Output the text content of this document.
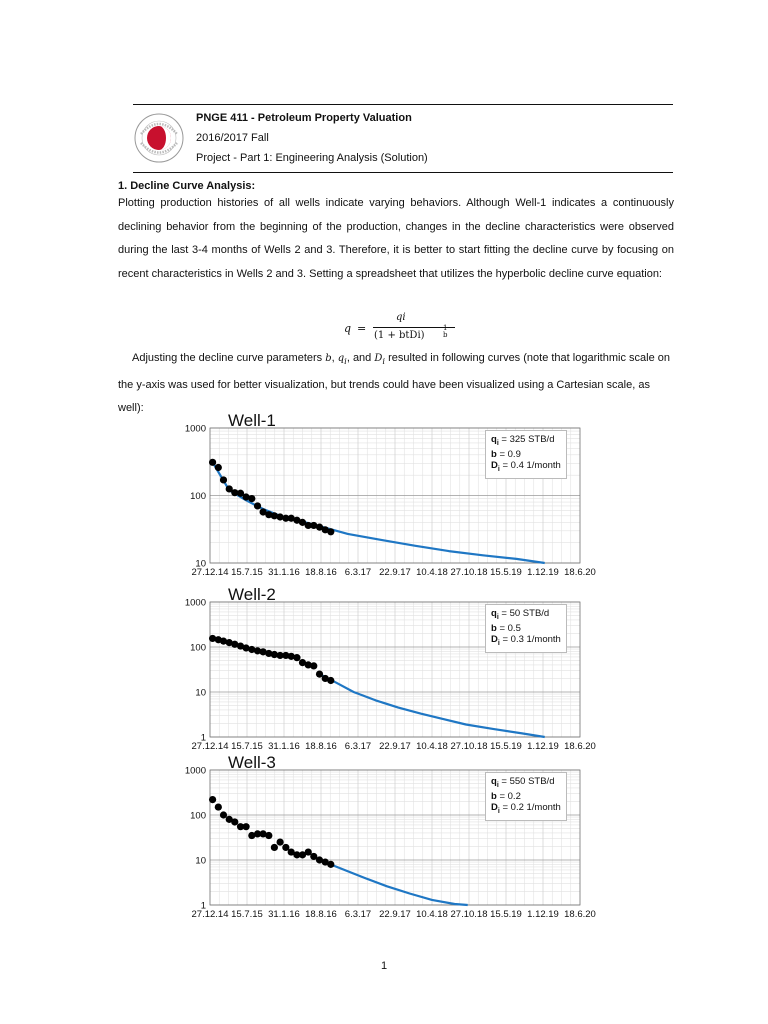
PNGE 411 - Petroleum Property Valuation
2016/2017 Fall
Project - Part 1: Engineering Analysis (Solution)
1. Decline Curve Analysis:
Plotting production histories of all wells indicate varying behaviors. Although Well-1 indicates a continuously declining behavior from the beginning of the production, changes in the decline characteristics were observed during the last 3-4 months of Wells 2 and 3. Therefore, it is better to start fitting the decline curve by focusing on recent characteristics in Wells 2 and 3. Setting a spreadsheet that utilizes the hyperbolic decline curve equation:
q =
qi
(1 + btDi)
1
b
Adjusting the decline curve parameters b, $q_i$, and $D_i$ resulted in following curves (note that logarithmic scale on the y-axis was used for better visualization, but trends could have been visualized using a Cartesian scale, as well):
10
100
1000
27.12.14 15.7.15 31.1.16 18.8.16 6.3.17 22.9.17 10.4.18 27.10.18 15.5.19 1.12.19 18.6.20
Well-1
$q_i = 325$ STB/d
b = 0.9
$D_i = 0.4$ 1/month
1
10
100
1000
27.12.14 15.7.15 31.1.16 18.8.16 6.3.17 22.9.17 10.4.18 27.10.18 15.5.19 1.12.19 18.6.20
Well-2
$q_i = 50$ STB/d
b = 0.5
$D_i = 0.3$ 1/month
1
10
100
1000
27.12.14 15.7.15 31.1.16 18.8.16 6.3.17 22.9.17 10.4.18 27.10.18 15.5.19 1.12.19 18.6.20
Well-3
$q_i = 550$ STB/d
b = 0.2
$D_i = 0.2$ 1/month
1
